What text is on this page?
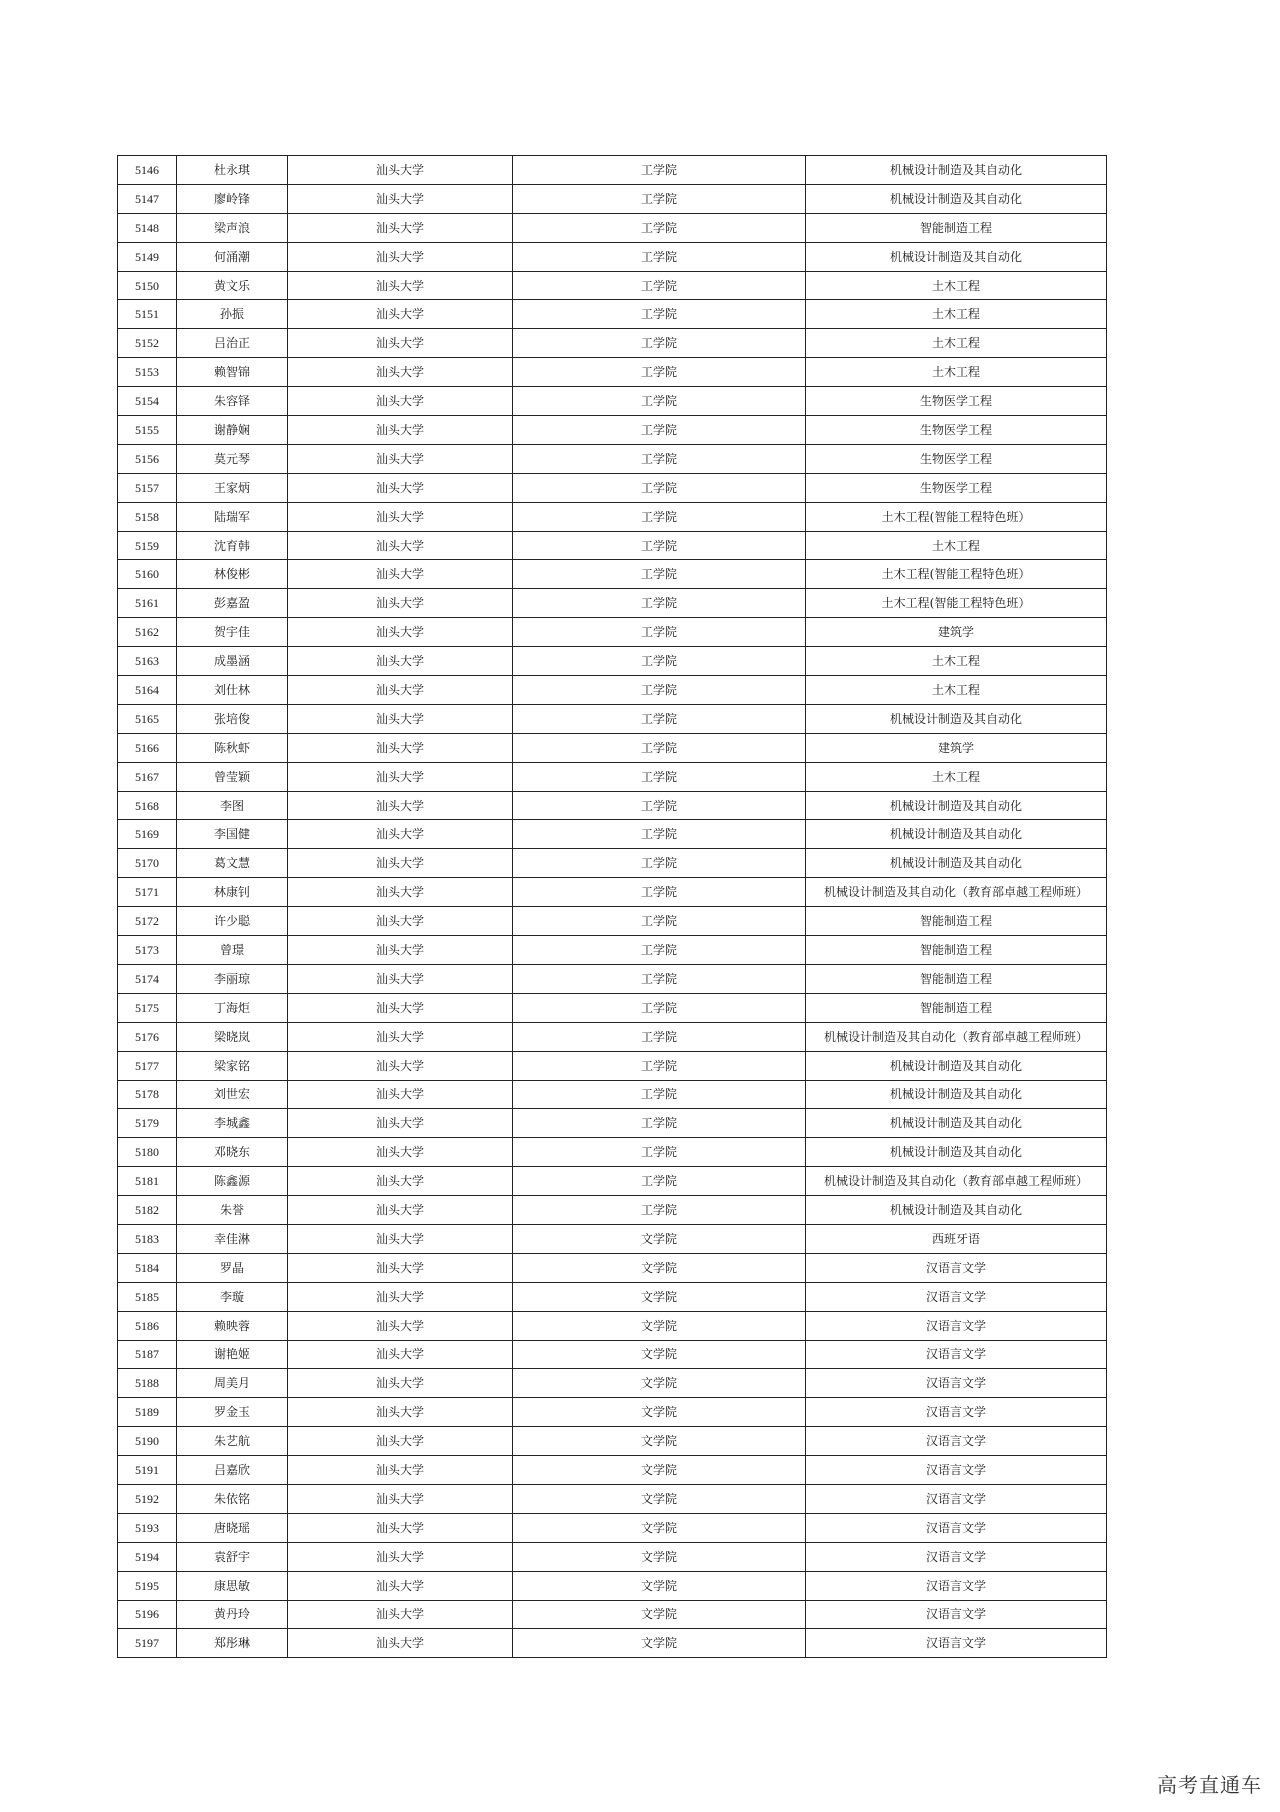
5146	杜永琪	汕头大学	工学院	机械设计制造及其自动化
5147	廖岭锋	汕头大学	工学院	机械设计制造及其自动化
5148	梁声浪	汕头大学	工学院	智能制造工程
5149	何涌潮	汕头大学	工学院	机械设计制造及其自动化
5150	黄文乐	汕头大学	工学院	土木工程
5151	孙振	汕头大学	工学院	土木工程
5152	吕治正	汕头大学	工学院	土木工程
5153	赖智锦	汕头大学	工学院	土木工程
5154	朱容铎	汕头大学	工学院	生物医学工程
5155	谢静娴	汕头大学	工学院	生物医学工程
5156	莫元琴	汕头大学	工学院	生物医学工程
5157	王家炳	汕头大学	工学院	生物医学工程
5158	陆瑞军	汕头大学	工学院	土木工程(智能工程特色班）
5159	沈育韩	汕头大学	工学院	土木工程
5160	林俊彬	汕头大学	工学院	土木工程(智能工程特色班）
5161	彭嘉盈	汕头大学	工学院	土木工程(智能工程特色班）
5162	贺宇佳	汕头大学	工学院	建筑学
5163	成墨涵	汕头大学	工学院	土木工程
5164	刘仕林	汕头大学	工学院	土木工程
5165	张培俊	汕头大学	工学院	机械设计制造及其自动化
5166	陈秋虾	汕头大学	工学院	建筑学
5167	曾莹颖	汕头大学	工学院	土木工程
5168	李图	汕头大学	工学院	机械设计制造及其自动化
5169	李国健	汕头大学	工学院	机械设计制造及其自动化
5170	葛文慧	汕头大学	工学院	机械设计制造及其自动化
5171	林康钊	汕头大学	工学院	机械设计制造及其自动化（教育部卓越工程师班）
5172	许少聪	汕头大学	工学院	智能制造工程
5173	曾璟	汕头大学	工学院	智能制造工程
5174	李丽琼	汕头大学	工学院	智能制造工程
5175	丁海炬	汕头大学	工学院	智能制造工程
5176	梁晓岚	汕头大学	工学院	机械设计制造及其自动化（教育部卓越工程师班）
5177	梁家铭	汕头大学	工学院	机械设计制造及其自动化
5178	刘世宏	汕头大学	工学院	机械设计制造及其自动化
5179	李城鑫	汕头大学	工学院	机械设计制造及其自动化
5180	邓晓东	汕头大学	工学院	机械设计制造及其自动化
5181	陈鑫源	汕头大学	工学院	机械设计制造及其自动化（教育部卓越工程师班）
5182	朱誉	汕头大学	工学院	机械设计制造及其自动化
5183	幸佳淋	汕头大学	文学院	西班牙语
5184	罗晶	汕头大学	文学院	汉语言文学
5185	李璇	汕头大学	文学院	汉语言文学
5186	赖映蓉	汕头大学	文学院	汉语言文学
5187	谢艳姬	汕头大学	文学院	汉语言文学
5188	周美月	汕头大学	文学院	汉语言文学
5189	罗金玉	汕头大学	文学院	汉语言文学
5190	朱艺航	汕头大学	文学院	汉语言文学
5191	吕嘉欣	汕头大学	文学院	汉语言文学
5192	朱依铭	汕头大学	文学院	汉语言文学
5193	唐晓瑶	汕头大学	文学院	汉语言文学
5194	袁舒宇	汕头大学	文学院	汉语言文学
5195	康思敏	汕头大学	文学院	汉语言文学
5196	黄丹玲	汕头大学	文学院	汉语言文学
5197	郑彤琳	汕头大学	文学院	汉语言文学
高考直通车
